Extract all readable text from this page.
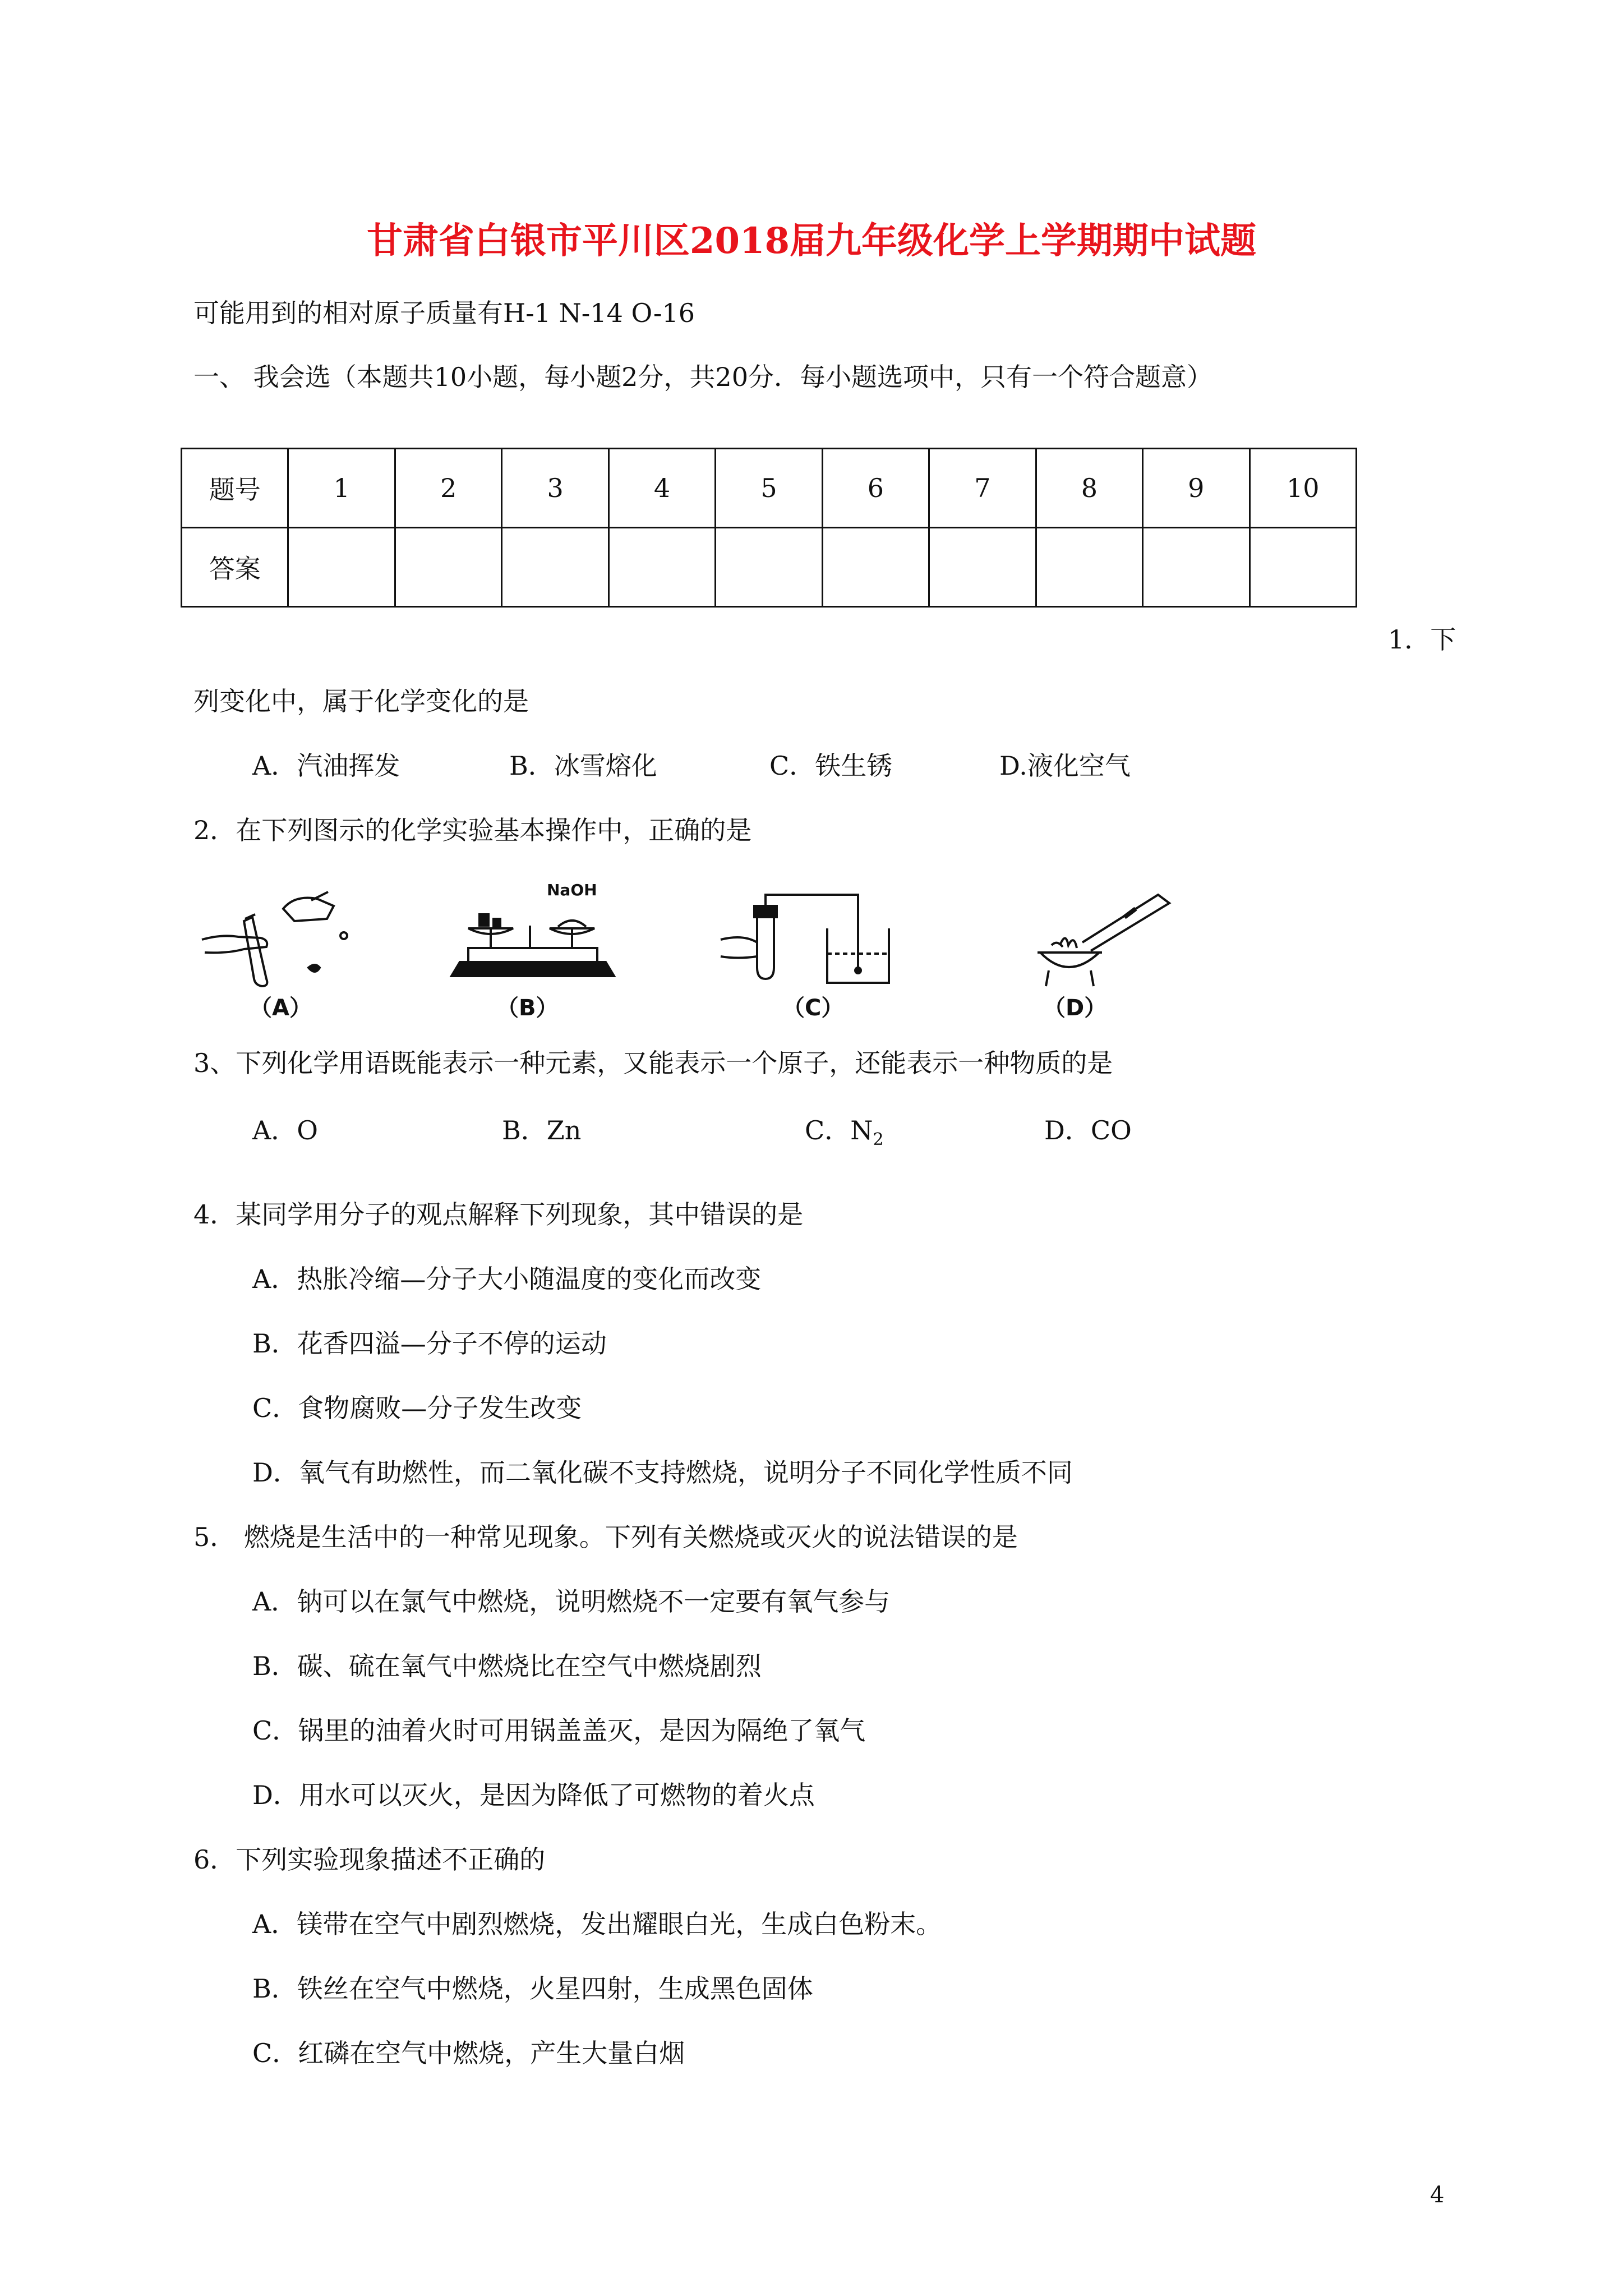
甘肃省白银市平川区2018届九年级化学上学期期中试题
可能用到的相对原子质量有H-1 N-14 O-16
一、 我会选（本题共10小题，每小题2分，共20分．每小题选项中，只有一个符合题意）
题号	1	2	3	4	5	6	7	8	9	10
答案										
1．下
列变化中，属于化学变化的是
A．汽油挥发	B．冰雪熔化	C．铁生锈	D.液化空气
2．在下列图示的化学实验基本操作中，正确的是
（A）
NaOH
（B）	（C）	（D）
3、下列化学用语既能表示一种元素，又能表示一个原子，还能表示一种物质的是
A．O	B．Zn	C．$N_2$	D．CO
4．某同学用分子的观点解释下列现象，其中错误的是
A．热胀冷缩—分子大小随温度的变化而改变
B．花香四溢—分子不停的运动
C．食物腐败—分子发生改变
D．氧气有助燃性，而二氧化碳不支持燃烧，说明分子不同化学性质不同
5． 燃烧是生活中的一种常见现象。下列有关燃烧或灭火的说法错误的是
A．钠可以在氯气中燃烧，说明燃烧不一定要有氧气参与
B．碳、硫在氧气中燃烧比在空气中燃烧剧烈
C．锅里的油着火时可用锅盖盖灭，是因为隔绝了氧气
D．用水可以灭火，是因为降低了可燃物的着火点
6．下列实验现象描述不正确的
A．镁带在空气中剧烈燃烧，发出耀眼白光，生成白色粉末。
B．铁丝在空气中燃烧，火星四射，生成黑色固体
C．红磷在空气中燃烧，产生大量白烟
4
